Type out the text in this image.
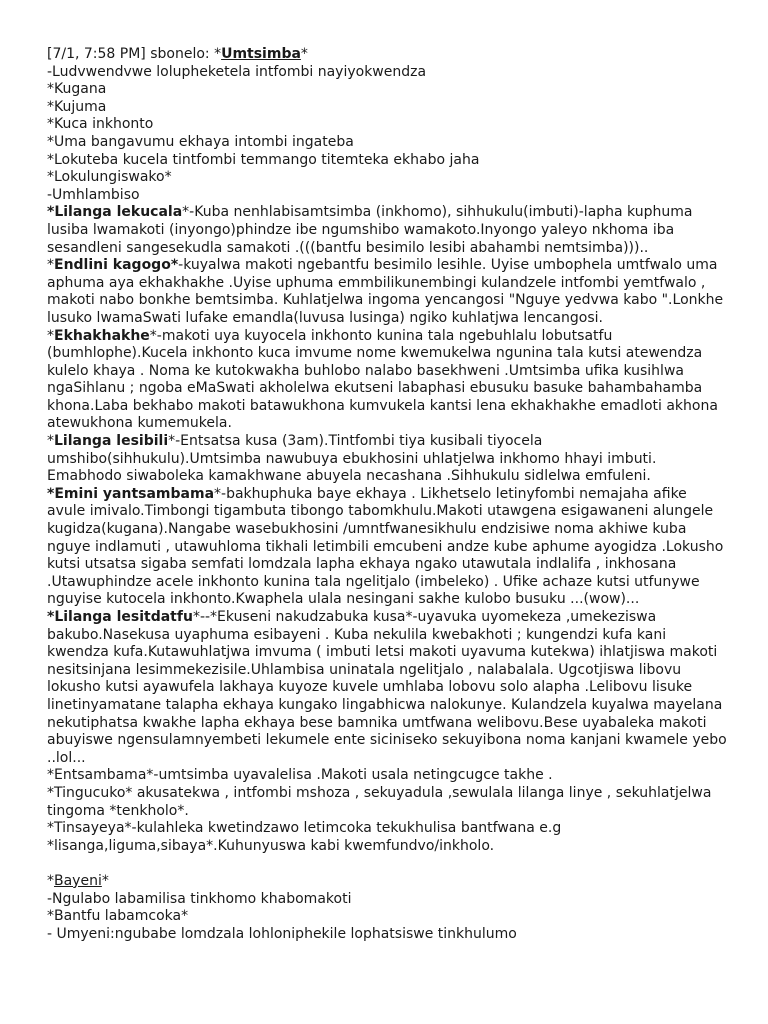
[7/1, 7:58 PM] sbonelo: *Umtsimba*
-Ludvwendvwe lolupheketela intfombi nayiyokwendza
*Kugana
*Kujuma
*Kuca inkhonto
*Uma bangavumu ekhaya intombi ingateba
*Lokuteba kucela tintfombi temmango titemteka ekhabo jaha
*Lokulungiswako*
-Umhlambiso
*Lilanga lekucala*-Kuba nenhlabisamtsimba (inkhomo), sihhukulu(imbuti)-lapha kuphuma lusiba lwamakoti (inyongo)phindze ibe ngumshibo wamakoto.Inyongo yaleyo nkhoma iba sesandleni sangesekudla samakoti .(((bantfu besimilo lesibi abahambi nemtsimba)))..
*Endlini kagogo*-kuyalwa makoti ngebantfu besimilo lesihle. Uyise umbophela umtfwalo uma aphuma aya ekhakhakhe .Uyise uphuma emmbilikunembingi kulandzele intfombi yemtfwalo , makoti nabo bonkhe bemtsimba. Kuhlatjelwa ingoma yencangosi "Nguye yedvwa kabo ".Lonkhe lusuko lwamaSwati lufake emandla(luvusa lusinga) ngiko kuhlatjwa lencangosi.
*Ekhakhakhe*-makoti uya kuyocela inkhonto kunina tala ngebuhlalu lobutsatfu (bumhlophe).Kucela inkhonto kuca imvume nome kwemukelwa ngunina tala kutsi atewendza kulelo khaya . Noma ke kutokwakha buhlobo nalabo basekhweni .Umtsimba ufika kusihlwa ngaSihlanu ; ngoba eMaSwati akholelwa ekutseni labaphasi ebusuku basuke bahambahamba khona.Laba bekhabo makoti batawukhona kumvukela kantsi lena ekhakhakhe emadloti akhona atewukhona kumemukela.
*Lilanga lesibili*-Entsatsa kusa (3am).Tintfombi tiya kusibali tiyocela umshibo(sihhukulu).Umtsimba nawubuya ebukhosini uhlatjelwa inkhomo hhayi imbuti. Emabhodo siwaboleka kamakhwane abuyela necashana .Sihhukulu sidlelwa emfuleni.
*Emini yantsambama*-bakhuphuka baye ekhaya . Likhetselo letinyfombi nemajaha afike avule imivalo.Timbongi tigambuta tibongo tabomkhulu.Makoti utawgena esigawaneni alungele kugidza(kugana).Nangabe wasebukhosini /umntfwanesikhulu endzisiwe noma akhiwe kuba nguye indlamuti , utawuhloma tikhali letimbili emcubeni andze kube aphume ayogidza .Lokusho kutsi utsatsa sigaba semfati lomdzala lapha ekhaya ngako utawutala indlalifa , inkhosana .Utawuphindze acele inkhonto kunina tala ngelitjalo (imbeleko) . Ufike achaze kutsi utfunywe nguyise kutocela inkhonto.Kwaphela ulala nesingani sakhe kulobo busuku ...(wow)...
*Lilanga lesitdatfu*--*Ekuseni nakudzabuka kusa*-uyavuka uyomekeza ,umekeziswa bakubo.Nasekusa uyaphuma esibayeni . Kuba nekulila kwebakhoti ; kungendzi kufa kani kwendza kufa.Kutawuhlatjwa imvuma ( imbuti letsi makoti uyavuma kutekwa) ihlatjiswa makoti nesitsinjana lesimmekezisile.Uhlambisa uninatala ngelitjalo , nalabalala. Ugcotjiswa libovu lokusho kutsi ayawufela lakhaya kuyoze kuvele umhlaba lobovu solo alapha .Lelibovu lisuke linetinyamatane talapha ekhaya kungako lingabhicwa nalokunye. Kulandzela kuyalwa mayelana nekutiphatsa kwakhe lapha ekhaya bese bamnika umtfwana welibovu.Bese uyabaleka makoti abuyiswe ngensulamnyembeti lekumele ente siciniseko sekuyibona noma kanjani kwamele yebo ..lol...
*Entsambama*-umtsimba uyavalelisa .Makoti usala netingcugce takhe .
*Tingucuko* akusatekwa , intfombi mshoza , sekuyadula ,sewulala lilanga linye , sekuhlatjelwa tingoma *tenkholo*.
*Tinsayeya*-kulahleka kwetindzawo letimcoka tekukhulisa bantfwana e.g *lisanga,liguma,sibaya*.Kuhunyuswa kabi kwemfundvo/inkholo.
*Bayeni*
-Ngulabo labamilisa tinkhomo khabomakoti
*Bantfu labamcoka*
- Umyeni:ngubabe lomdzala lohloniphekile lophatsiswe tinkhulumo
